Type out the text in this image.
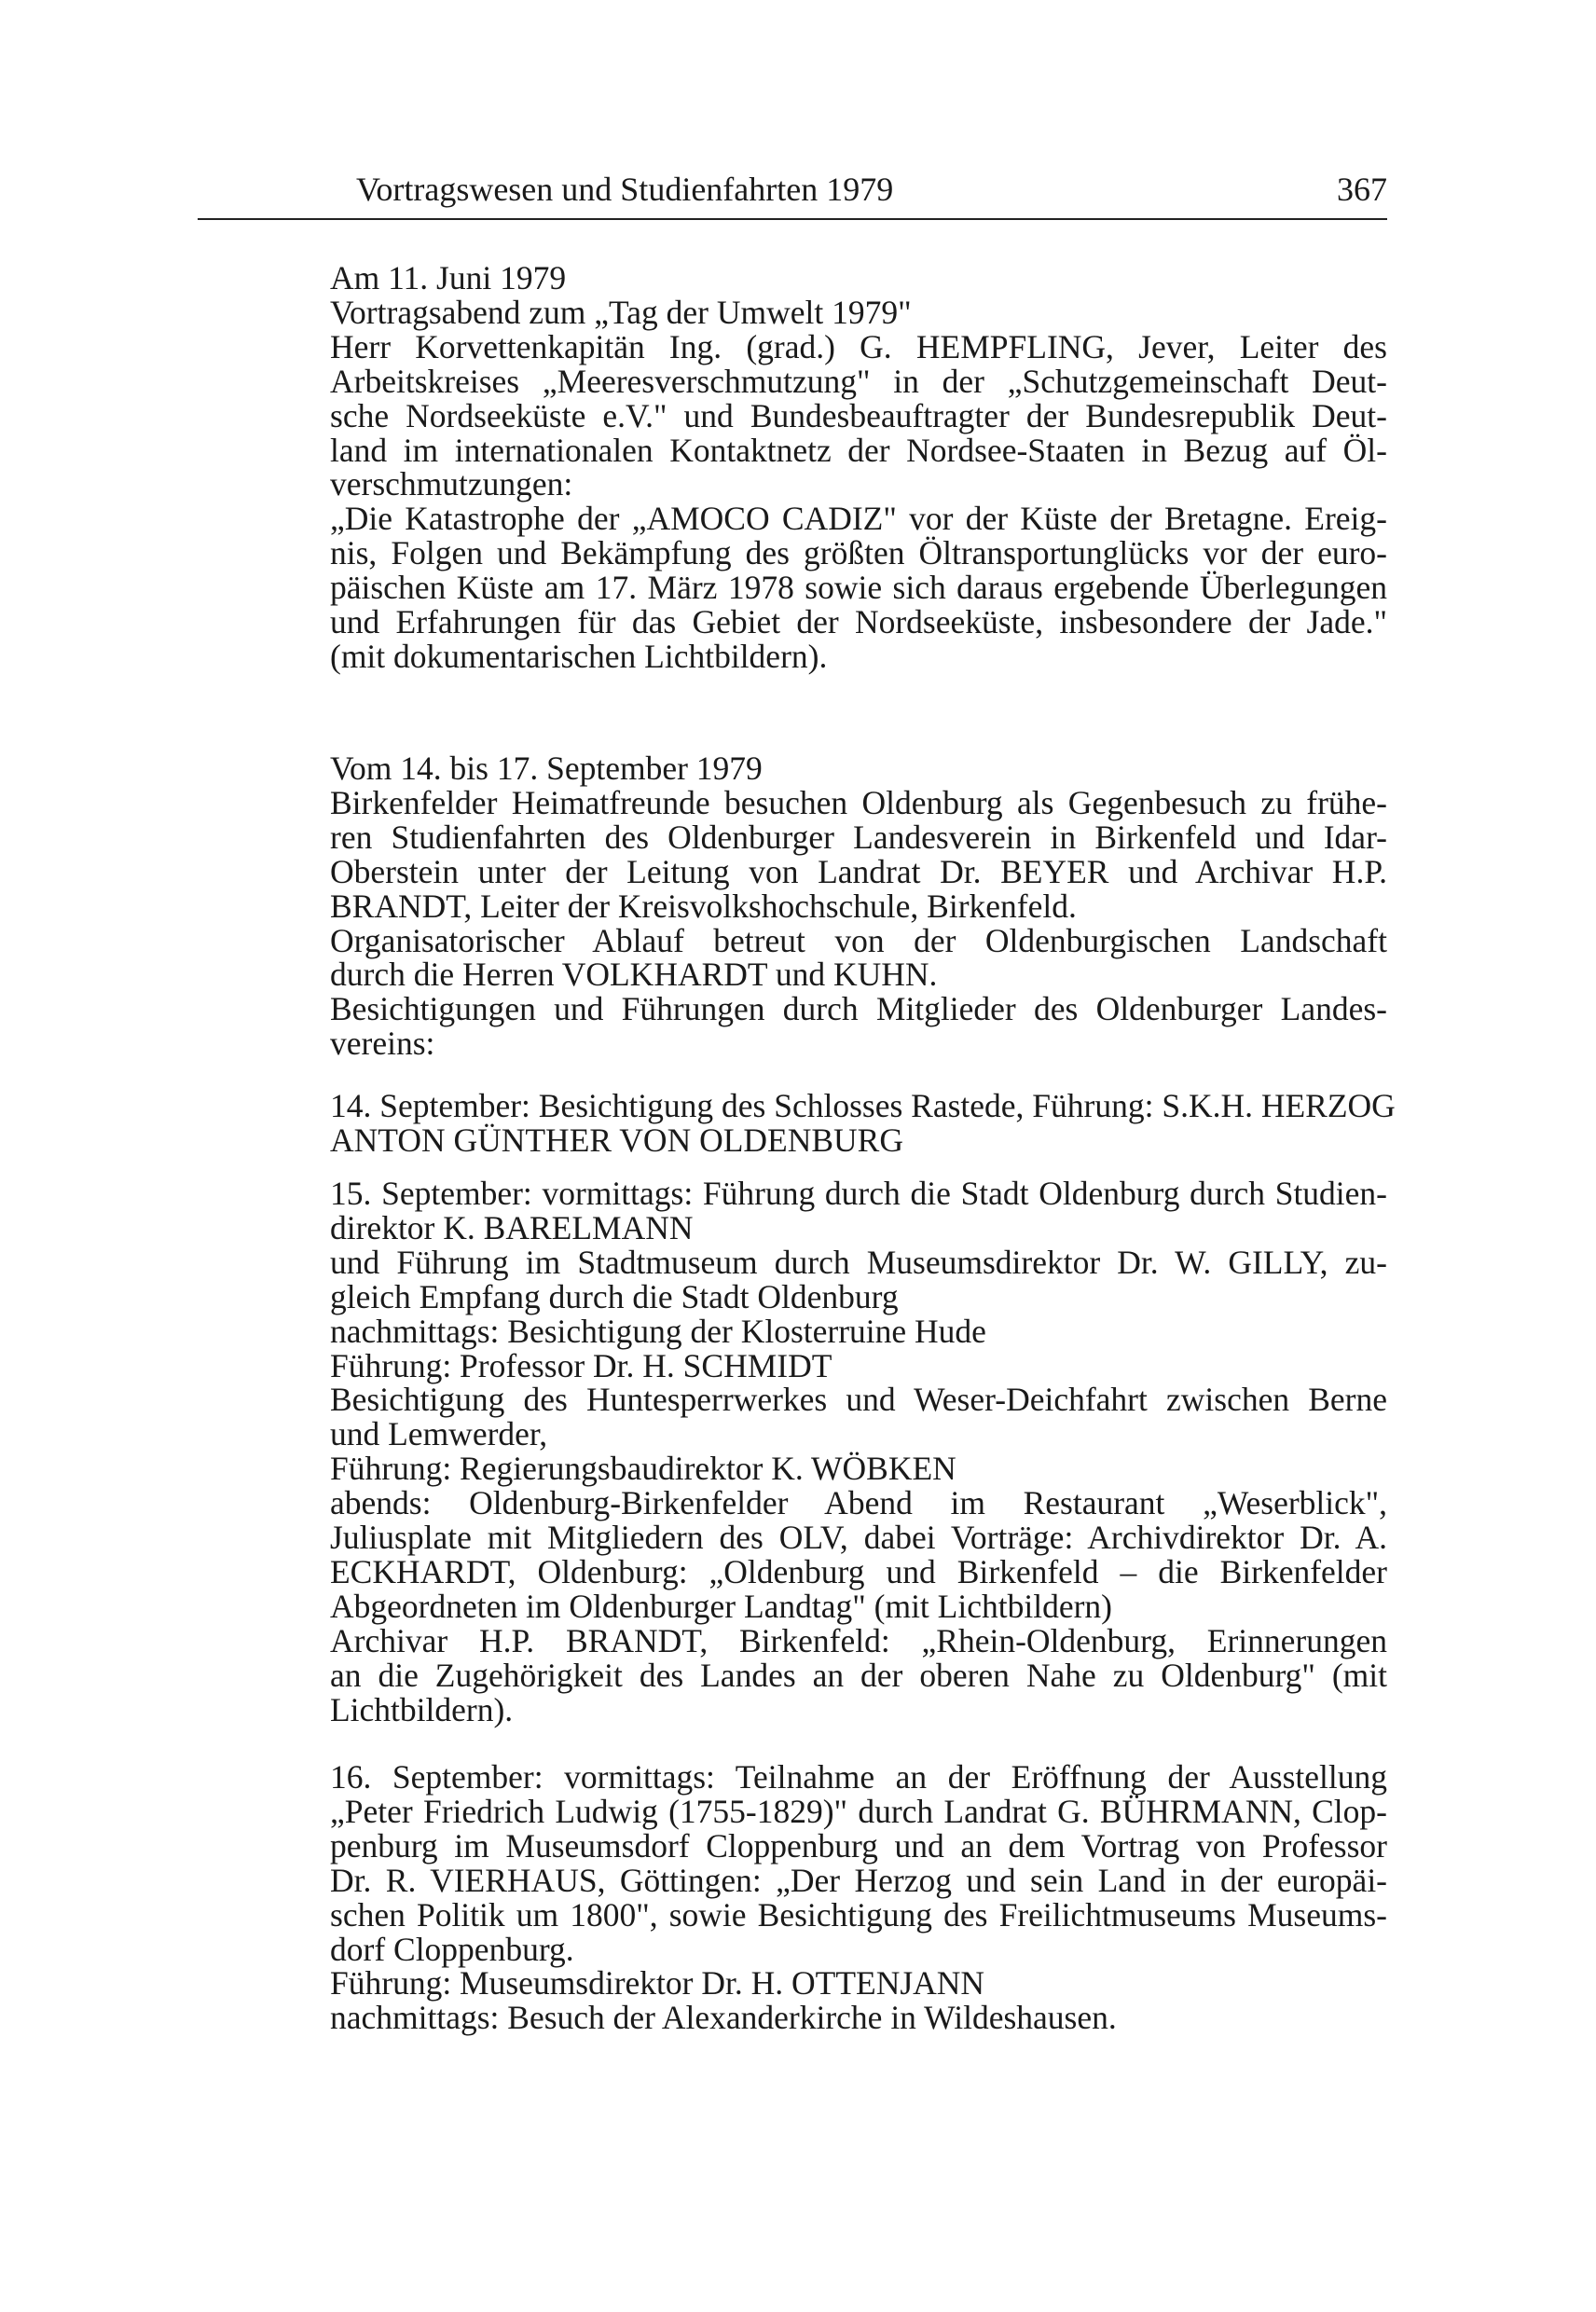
Vortragswesen und Studienfahrten 1979	367
Am 11. Juni 1979
Vortragsabend zum „Tag der Umwelt 1979"
Herr Korvettenkapitän Ing. (grad.) G. HEMPFLING, Jever, Leiter des
Arbeitskreises „Meeresverschmutzung" in der „Schutzgemeinschaft Deut-
sche Nordseeküste e.V." und Bundesbeauftragter der Bundesrepublik Deut-
land im internationalen Kontaktnetz der Nordsee-Staaten in Bezug auf Öl-
verschmutzungen:
„Die Katastrophe der „AMOCO CADIZ" vor der Küste der Bretagne. Ereig-
nis, Folgen und Bekämpfung des größten Öltransportunglücks vor der euro-
päischen Küste am 17. März 1978 sowie sich daraus ergebende Überlegungen
und Erfahrungen für das Gebiet der Nordseeküste, insbesondere der Jade."
(mit dokumentarischen Lichtbildern).
Vom 14. bis 17. September 1979
Birkenfelder Heimatfreunde besuchen Oldenburg als Gegenbesuch zu frühe-
ren Studienfahrten des Oldenburger Landesverein in Birkenfeld und Idar-
Oberstein unter der Leitung von Landrat Dr. BEYER und Archivar H.P.
BRANDT, Leiter der Kreisvolkshochschule, Birkenfeld.
Organisatorischer Ablauf betreut von der Oldenburgischen Landschaft
durch die Herren VOLKHARDT und KUHN.
Besichtigungen und Führungen durch Mitglieder des Oldenburger Landes-
vereins:
14. September: Besichtigung des Schlosses Rastede, Führung: S.K.H. HERZOG
ANTON GÜNTHER VON OLDENBURG
15. September: vormittags: Führung durch die Stadt Oldenburg durch Studien-
direktor K. BARELMANN
und Führung im Stadtmuseum durch Museumsdirektor Dr. W. GILLY, zu-
gleich Empfang durch die Stadt Oldenburg
nachmittags: Besichtigung der Klosterruine Hude
Führung: Professor Dr. H. SCHMIDT
Besichtigung des Huntesperrwerkes und Weser-Deichfahrt zwischen Berne
und Lemwerder,
Führung: Regierungsbaudirektor K. WÖBKEN
abends: Oldenburg-Birkenfelder Abend im Restaurant „Weserblick",
Juliusplate mit Mitgliedern des OLV, dabei Vorträge: Archivdirektor Dr. A.
ECKHARDT, Oldenburg: „Oldenburg und Birkenfeld – die Birkenfelder
Abgeordneten im Oldenburger Landtag" (mit Lichtbildern)
Archivar H.P. BRANDT, Birkenfeld: „Rhein-Oldenburg, Erinnerungen
an die Zugehörigkeit des Landes an der oberen Nahe zu Oldenburg" (mit
Lichtbildern).
16. September: vormittags: Teilnahme an der Eröffnung der Ausstellung
„Peter Friedrich Ludwig (1755-1829)" durch Landrat G. BÜHRMANN, Clop-
penburg im Museumsdorf Cloppenburg und an dem Vortrag von Professor
Dr. R. VIERHAUS, Göttingen: „Der Herzog und sein Land in der europäi-
schen Politik um 1800", sowie Besichtigung des Freilichtmuseums Museums-
dorf Cloppenburg.
Führung: Museumsdirektor Dr. H. OTTENJANN
nachmittags: Besuch der Alexanderkirche in Wildeshausen.
